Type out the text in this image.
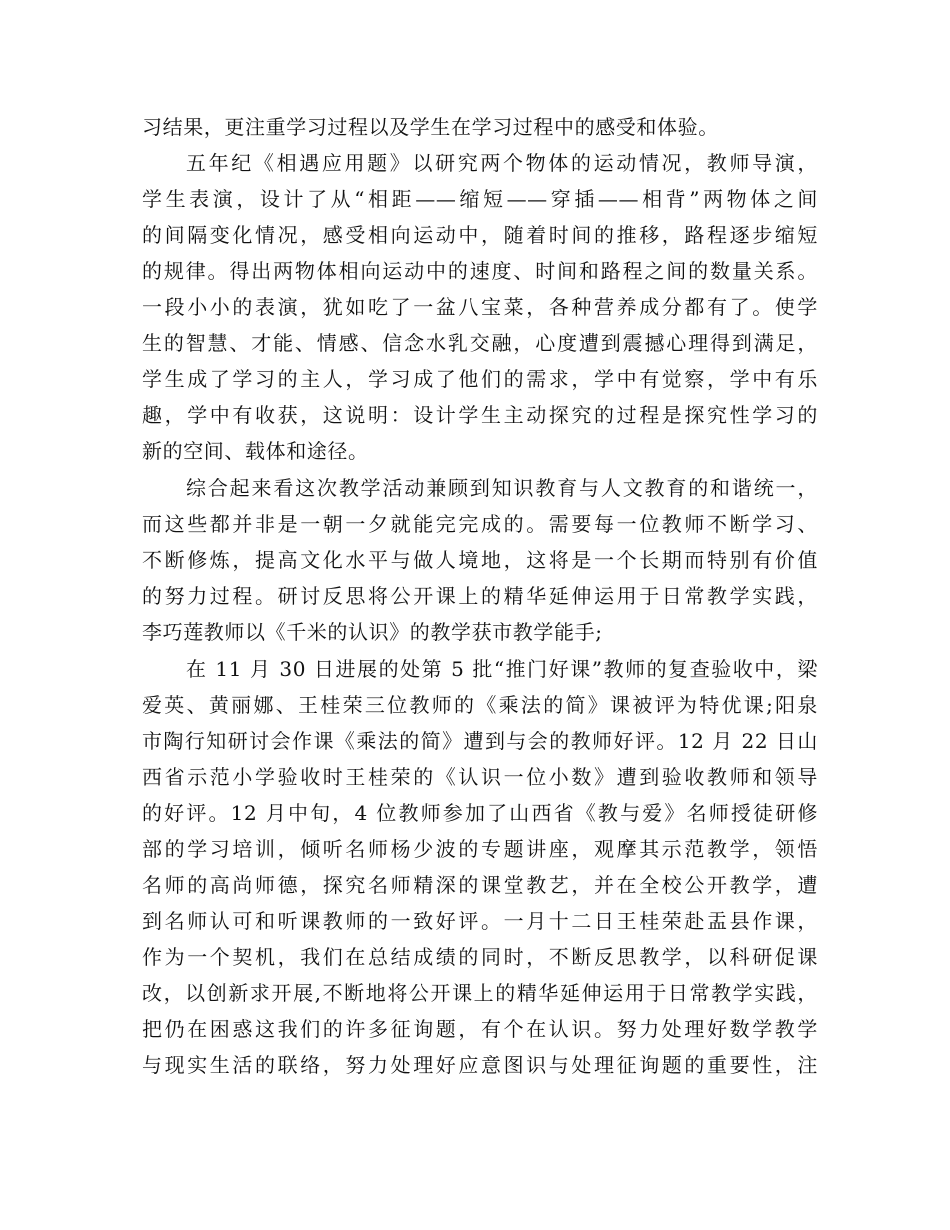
习结果，更注重学习过程以及学生在学习过程中的感受和体验。
五年纪《相遇应用题》以研究两个物体的运动情况，教师导演，
学生表演，设计了从“相距——缩短——穿插——相背”两物体之间
的间隔变化情况，感受相向运动中，随着时间的推移，路程逐步缩短
的规律。得出两物体相向运动中的速度、时间和路程之间的数量关系。
一段小小的表演，犹如吃了一盆八宝菜，各种营养成分都有了。使学
生的智慧、才能、情感、信念水乳交融，心度遭到震撼心理得到满足，
学生成了学习的主人，学习成了他们的需求，学中有觉察，学中有乐
趣，学中有收获，这说明：设计学生主动探究的过程是探究性学习的
新的空间、载体和途径。
综合起来看这次教学活动兼顾到知识教育与人文教育的和谐统一，
而这些都并非是一朝一夕就能完完成的。需要每一位教师不断学习、
不断修炼，提高文化水平与做人境地，这将是一个长期而特别有价值
的努力过程。研讨反思将公开课上的精华延伸运用于日常教学实践，
李巧莲教师以《千米的认识》的教学获市教学能手;
在 11 月 30 日进展的处第 5 批“推门好课”教师的复查验收中，梁
爱英、黄丽娜、王桂荣三位教师的《乘法的简》课被评为特优课;阳泉
市陶行知研讨会作课《乘法的简》遭到与会的教师好评。12 月 22 日山
西省示范小学验收时王桂荣的《认识一位小数》遭到验收教师和领导
的好评。12 月中旬，4 位教师参加了山西省《教与爱》名师授徒研修
部的学习培训，倾听名师杨少波的专题讲座，观摩其示范教学，领悟
名师的高尚师德，探究名师精深的课堂教艺，并在全校公开教学，遭
到名师认可和听课教师的一致好评。一月十二日王桂荣赴盂县作课，
作为一个契机，我们在总结成绩的同时，不断反思教学，以科研促课
改，以创新求开展,不断地将公开课上的精华延伸运用于日常教学实践，
把仍在困惑这我们的许多征询题，有个在认识。努力处理好数学教学
与现实生活的联络，努力处理好应意图识与处理征询题的重要性，注
